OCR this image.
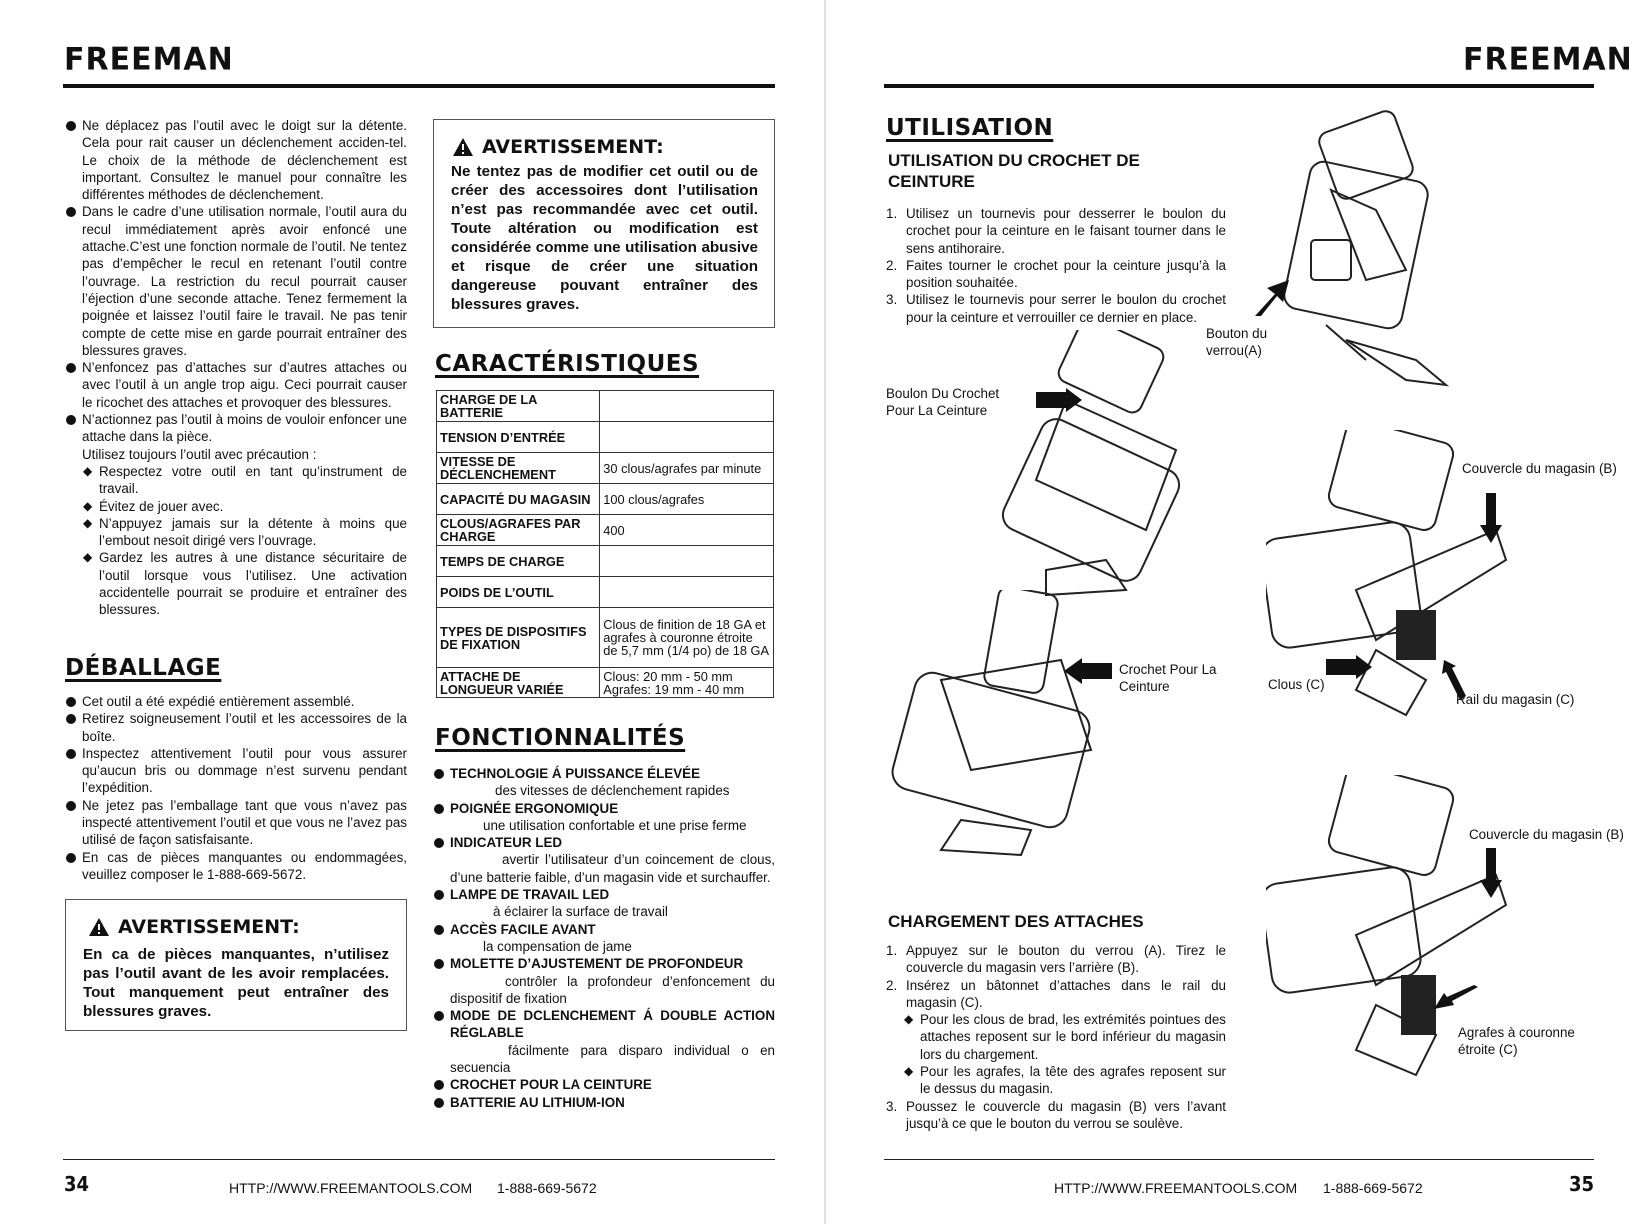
FREEMAN
Ne déplacez pas l’outil avec le doigt sur la détente. Cela pour rait causer un déclenchement acciden-tel. Le choix de la méthode de déclenchement est important. Consultez le manuel pour connaître les différentes méthodes de déclenchement.
Dans le cadre d’une utilisation normale, l’outil aura du recul immédiatement après avoir enfoncé une attache.C’est une fonction normale de l’outil. Ne tentez pas d’empêcher le recul en retenant l’outil contre l’ouvrage. La restriction du recul pourrait causer l’éjection d’une seconde attache. Tenez fermement la poignée et laissez l’outil faire le travail. Ne pas tenir compte de cette mise en garde pourrait entraîner des blessures graves.
N’enfoncez pas d’attaches sur d’autres attaches ou avec l’outil à un angle trop aigu. Ceci pourrait causer le ricochet des attaches et provoquer des blessures.
N’actionnez pas l’outil à moins de vouloir enfoncer une attache dans la pièce.
Utilisez toujours l’outil avec précaution :
◆ Respectez votre outil en tant qu’instrument de travail.
◆ Évitez de jouer avec.
◆ N’appuyez jamais sur la détente à moins que l’embout nesoit dirigé vers l’ouvrage.
◆ Gardez les autres à une distance sécuritaire de l’outil lorsque vous l’utilisez. Une activation accidentelle pourrait se produire et entraîner des blessures.
DÉBALLAGE
Cet outil a été expédié entièrement assemblé.
Retirez soigneusement l’outil et les accessoires de la boîte.
Inspectez attentivement l’outil pour vous assurer qu’aucun bris ou dommage n’est survenu pendant l’expédition.
Ne jetez pas l’emballage tant que vous n’avez pas inspecté attentivement l’outil et que vous ne l’avez pas utilisé de façon satisfaisante.
En cas de pièces manquantes ou endommagées, veuillez composer le 1-888-669-5672.
AVERTISSEMENT:
En ca de pièces manquantes, n’utilisez pas l’outil avant de les avoir remplacées. Tout manquement peut entraîner des blessures graves.
AVERTISSEMENT:
Ne tentez pas de modifier cet outil ou de créer des accessoires dont l’utilisation n’est pas recommandée avec cet outil. Toute altération ou modification est considérée comme une utilisation abusive et risque de créer une situation dangereuse pouvant entraîner des blessures graves.
CARACTÉRISTIQUES
CHARGE DE LA BATTERIE	
TENSION D’ENTRÉE	
VITESSE DE DÉCLENCHEMENT	30 clous/agrafes par minute
CAPACITÉ DU MAGASIN	100 clous/agrafes
CLOUS/AGRAFES PAR CHARGE	400
TEMPS DE CHARGE	
POIDS DE L’OUTIL	
TYPES DE DISPOSITIFS DE FIXATION	Clous de finition de 18 GA et agrafes à couronne étroite de 5,7 mm (1/4 po) de 18 GA
ATTACHE DE LONGUEUR VARIÉE	Clous: 20 mm - 50 mm Agrafes: 19 mm - 40 mm
FONCTIONNALITÉS
TECHNOLOGIE Á PUISSANCE ÉLEVÉE
des vitesses de déclenchement rapides
POIGNÉE ERGONOMIQUE
une utilisation confortable et une prise ferme
INDICATEUR LED
avertir l’utilisateur d’un coincement de clous, d’une batterie faible, d’un magasin vide et surchauffer.
LAMPE DE TRAVAIL LED
à éclairer la surface de travail
ACCÈS FACILE AVANT
la compensation de jame
MOLETTE D’AJUSTEMENT DE PROFONDEUR
contrôler la profondeur d’enfoncement du dispositif de fixation
MODE DE DCLENCHEMENT Á DOUBLE ACTION RÉGLABLE
fácilmente para disparo individual o en secuencia
CROCHET POUR LA CEINTURE
BATTERIE AU LITHIUM-ION
34	HTTP://WWW.FREEMANTOOLS.COM 1-888-669-5672
FREEMAN
UTILISATION
UTILISATION DU CROCHET DE CEINTURE
1. Utilisez un tournevis pour desserrer le boulon du crochet pour la ceinture en le faisant tourner dans le sens antihoraire.
2. Faites tourner le crochet pour la ceinture jusqu’à la position souhaitée.
3. Utilisez le tournevis pour serrer le boulon du crochet pour la ceinture et verrouiller ce dernier en place.
CHARGEMENT DES ATTACHES
1. Appuyez sur le bouton du verrou (A). Tirez le couvercle du magasin vers l’arrière (B).
2. Insérez un bâtonnet d’attaches dans le rail du magasin (C).
◆ Pour les clous de brad, les extrémités pointues des attaches reposent sur le bord inférieur du magasin lors du chargement.
◆ Pour les agrafes, la tête des agrafes reposent sur le dessus du magasin.
3. Poussez le couvercle du magasin (B) vers l’avant jusqu’à ce que le bouton du verrou se soulève.
Bouton du verrou(A)
Boulon Du Crochet Pour La Ceinture
Crochet Pour La Ceinture
Couvercle du magasin (B)
Clous (C)
Rail du magasin (C)
Couvercle du magasin (B)
Agrafes à couronne étroite (C)
HTTP://WWW.FREEMANTOOLS.COM 1-888-669-5672	35
